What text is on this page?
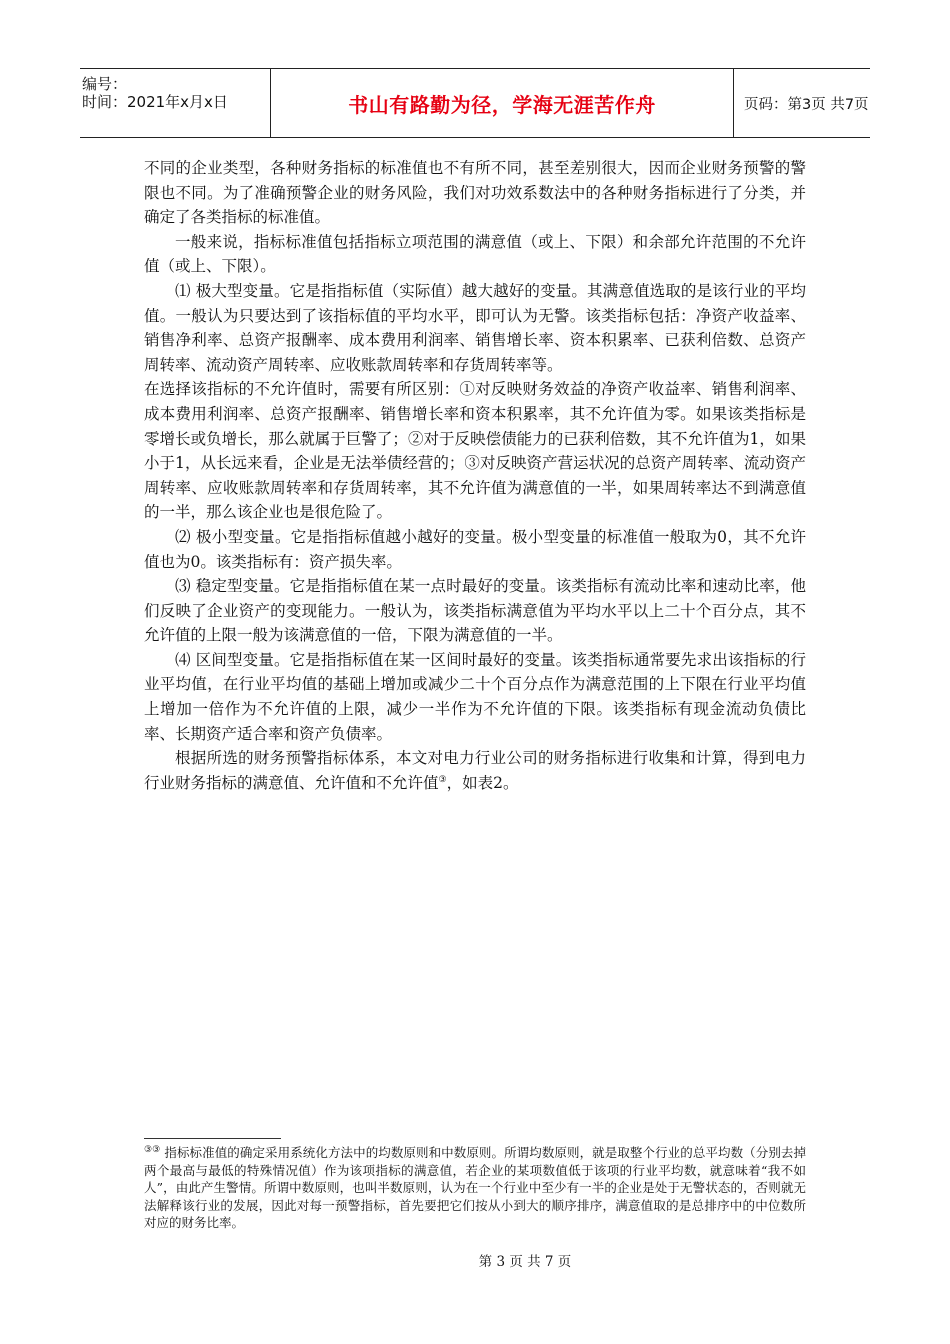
编号：
时间：2021年x月x日	书山有路勤为径，学海无涯苦作舟	页码：第3页 共7页

不同的企业类型，各种财务指标的标准值也不有所不同，甚至差别很大，因而企业财务预警的警限也不同。为了准确预警企业的财务风险，我们对功效系数法中的各种财务指标进行了分类，并确定了各类指标的标准值。

一般来说，指标标准值包括指标立项范围的满意值（或上、下限）和余部允许范围的不允许值（或上、下限）。

⑴ 极大型变量。它是指指标值（实际值）越大越好的变量。其满意值选取的是该行业的平均值。一般认为只要达到了该指标值的平均水平，即可认为无警。该类指标包括：净资产收益率、销售净利率、总资产报酬率、成本费用利润率、销售增长率、资本积累率、已获利倍数、总资产周转率、流动资产周转率、应收账款周转率和存货周转率等。

在选择该指标的不允许值时，需要有所区别：①对反映财务效益的净资产收益率、销售利润率、成本费用利润率、总资产报酬率、销售增长率和资本积累率，其不允许值为零。如果该类指标是零增长或负增长，那么就属于巨警了；②对于反映偿债能力的已获利倍数，其不允许值为1，如果小于1，从长远来看，企业是无法举债经营的；③对反映资产营运状况的总资产周转率、流动资产周转率、应收账款周转率和存货周转率，其不允许值为满意值的一半，如果周转率达不到满意值的一半，那么该企业也是很危险了。

⑵ 极小型变量。它是指指标值越小越好的变量。极小型变量的标准值一般取为0，其不允许值也为0。该类指标有：资产损失率。

⑶ 稳定型变量。它是指指标值在某一点时最好的变量。该类指标有流动比率和速动比率，他们反映了企业资产的变现能力。一般认为，该类指标满意值为平均水平以上二十个百分点，其不允许值的上限一般为该满意值的一倍，下限为满意值的一半。

⑷ 区间型变量。它是指指标值在某一区间时最好的变量。该类指标通常要先求出该指标的行业平均值，在行业平均值的基础上增加或减少二十个百分点作为满意范围的上下限在行业平均值上增加一倍作为不允许值的上限，减少一半作为不允许值的下限。该类指标有现金流动负债比率、长期资产适合率和资产负债率。

根据所选的财务预警指标体系，本文对电力行业公司的财务指标进行收集和计算，得到电力行业财务指标的满意值、允许值和不允许值③，如表2。

③③ 指标标准值的确定采用系统化方法中的均数原则和中数原则。所谓均数原则，就是取整个行业的总平均数（分别去掉两个最高与最低的特殊情况值）作为该项指标的满意值，若企业的某项数值低于该项的行业平均数，就意味着“我不如人”，由此产生警情。所谓中数原则，也叫半数原则，认为在一个行业中至少有一半的企业是处于无警状态的，否则就无法解释该行业的发展，因此对每一预警指标，首先要把它们按从小到大的顺序排序，满意值取的是总排序中的中位数所对应的财务比率。
第 3 页 共 7 页
